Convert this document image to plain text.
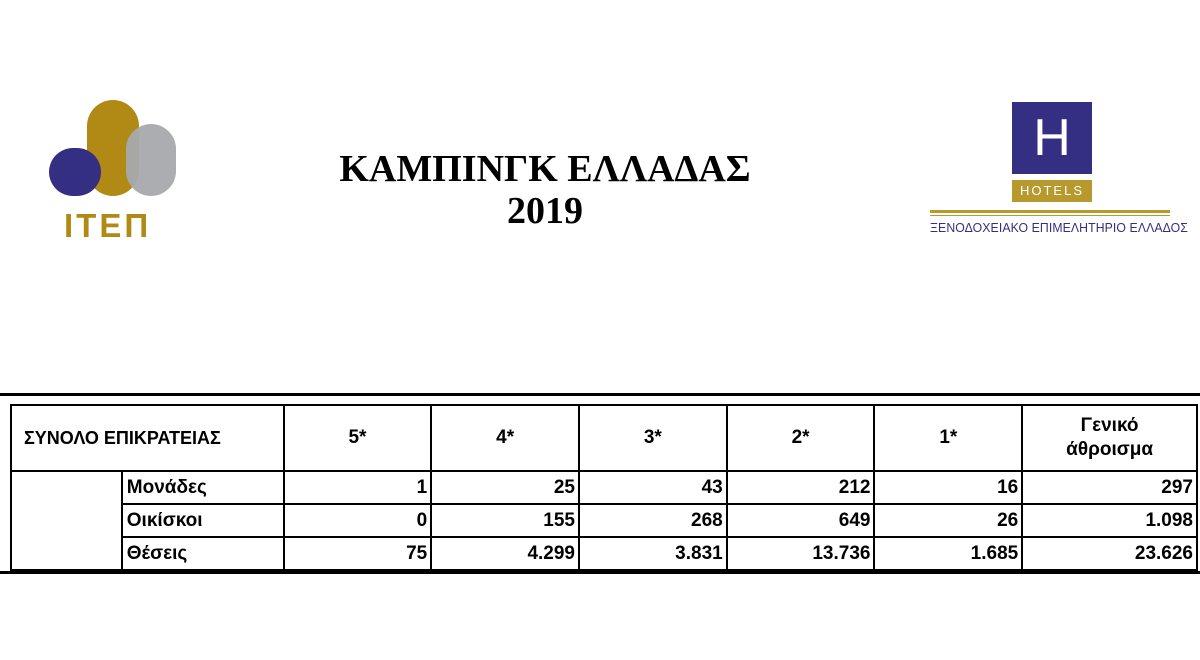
ΙΤΕΠ
ΚΑΜΠΙΝΓΚ ΕΛΛΑΔΑΣ
2019
H
HOTELS
ΞΕΝΟΔΟΧΕΙΑΚΟ ΕΠΙΜΕΛΗΤΗΡΙΟ ΕΛΛΑΔΟΣ
ΣΥΝΟΛΟ ΕΠΙΚΡΑΤΕΙΑΣ		5*	4*	3*	2*	1*	Γενικό
άθροισμα

	Μονάδες	1	25	43	212	16	297
	Οικίσκοι	0	155	268	649	26	1.098
	Θέσεις	75	4.299	3.831	13.736	1.685	23.626
